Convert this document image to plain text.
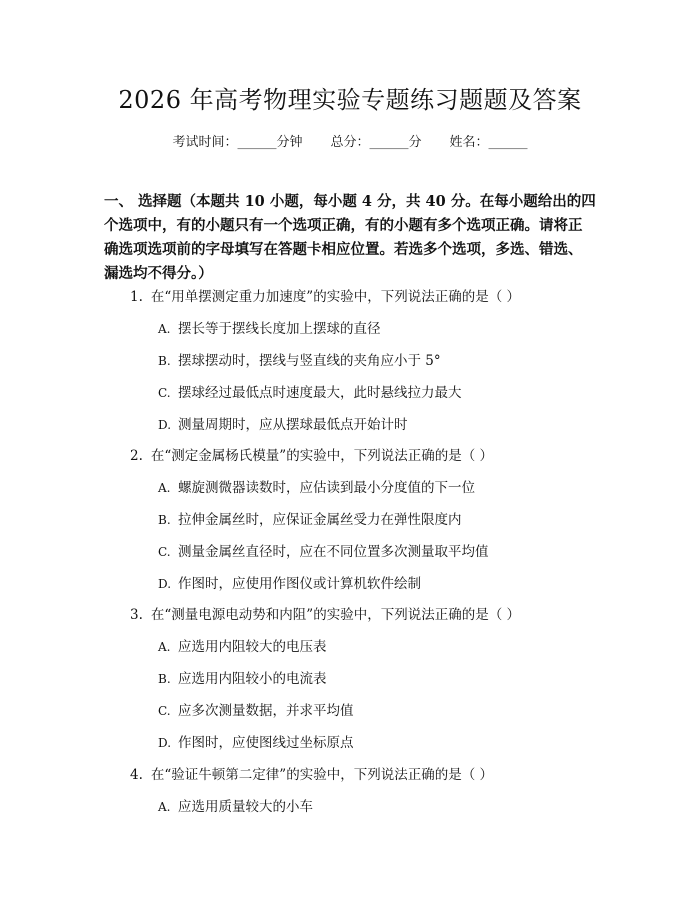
2026 年高考物理实验专题练习题题及答案
考试时间：______分钟 总分：______分 姓名：______

一、 选择题（本题共 10 小题，每小题 4 分，共 40 分。在每小题给出的四个选项中，有的小题只有一个选项正确，有的小题有多个选项正确。请将正确选项选项前的字母填写在答题卡相应位置。若选多个选项，多选、错选、漏选均不得分。）

1. 在“用单摆测定重力加速度”的实验中，下列说法正确的是（ ）
A. 摆长等于摆线长度加上摆球的直径
B. 摆球摆动时，摆线与竖直线的夹角应小于 5°
C. 摆球经过最低点时速度最大，此时悬线拉力最大
D. 测量周期时，应从摆球最低点开始计时
2. 在“测定金属杨氏模量”的实验中，下列说法正确的是（ ）
A. 螺旋测微器读数时，应估读到最小分度值的下一位
B. 拉伸金属丝时，应保证金属丝受力在弹性限度内
C. 测量金属丝直径时，应在不同位置多次测量取平均值
D. 作图时，应使用作图仪或计算机软件绘制
3. 在“测量电源电动势和内阻”的实验中，下列说法正确的是（ ）
A. 应选用内阻较大的电压表
B. 应选用内阻较小的电流表
C. 应多次测量数据，并求平均值
D. 作图时，应使图线过坐标原点
4. 在“验证牛顿第二定律”的实验中，下列说法正确的是（ ）
A. 应选用质量较大的小车
